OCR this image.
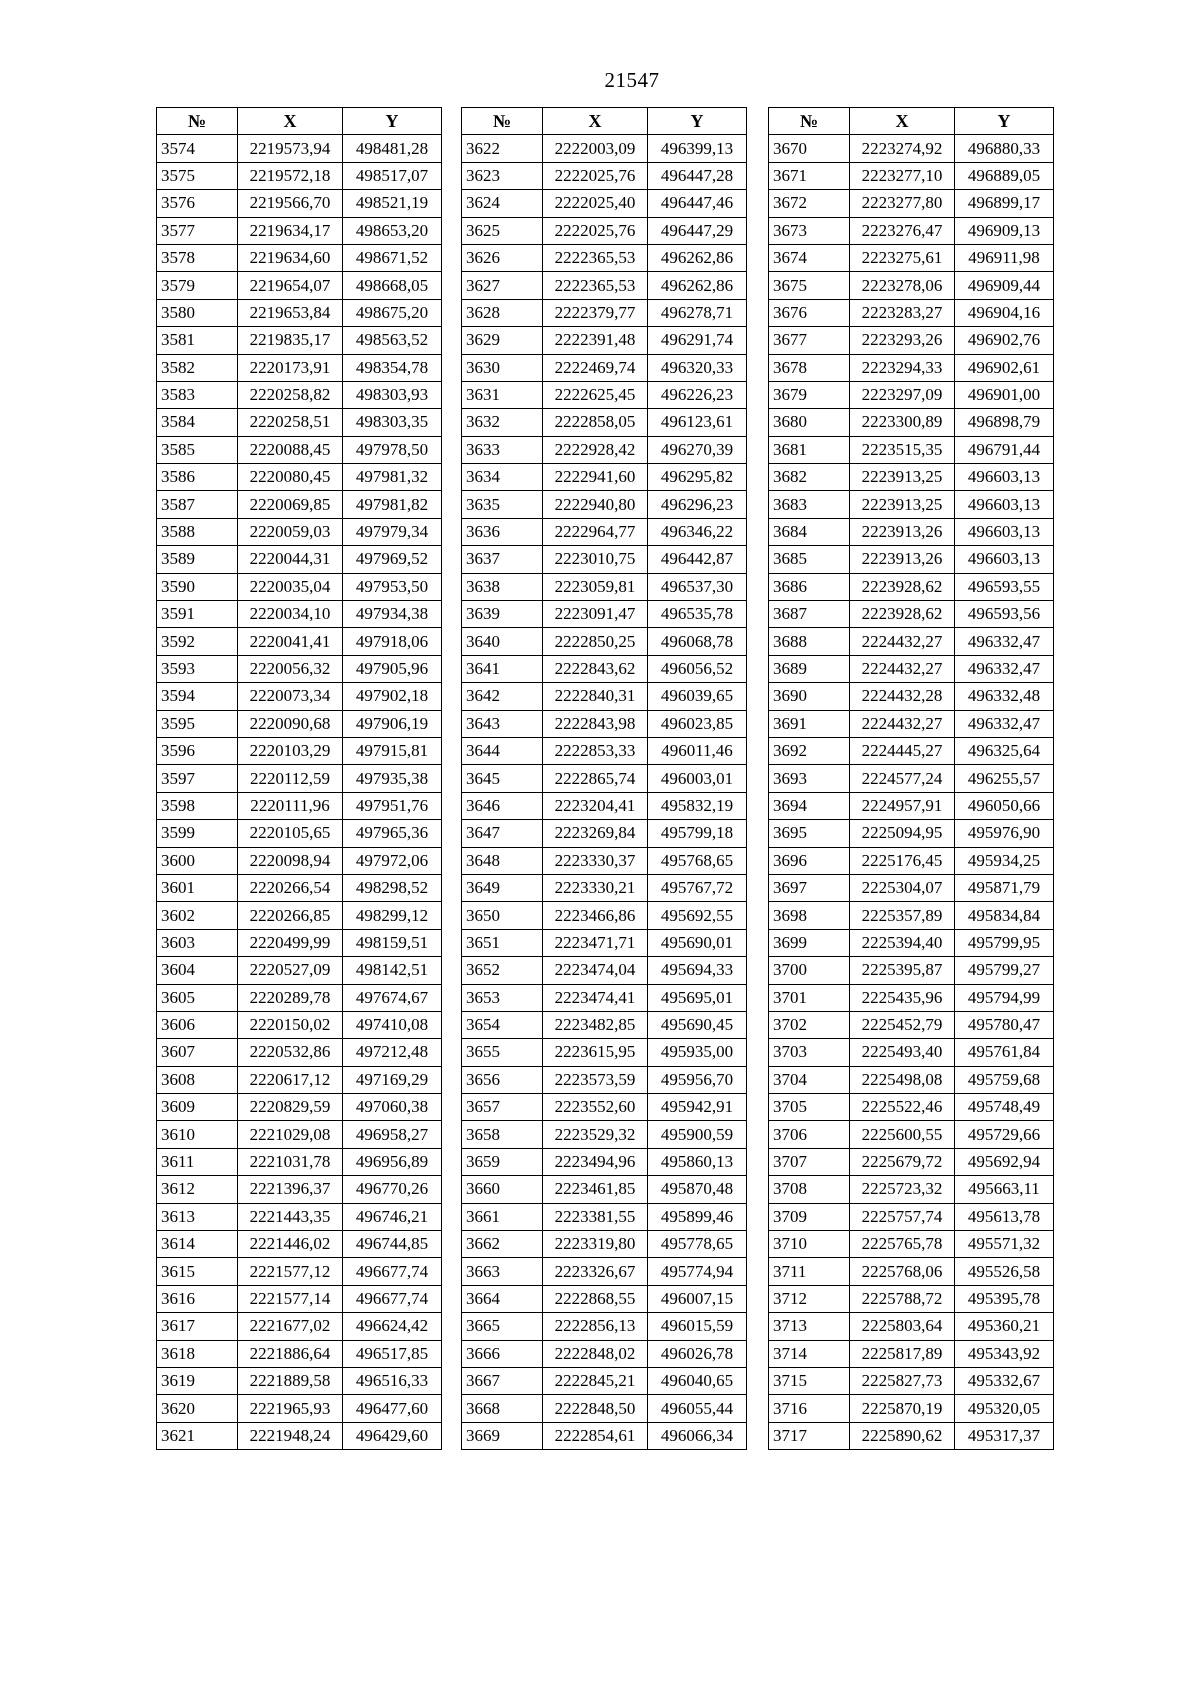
21547
№	X	Y
3574	2219573,94	498481,28
3575	2219572,18	498517,07
3576	2219566,70	498521,19
3577	2219634,17	498653,20
3578	2219634,60	498671,52
3579	2219654,07	498668,05
3580	2219653,84	498675,20
3581	2219835,17	498563,52
3582	2220173,91	498354,78
3583	2220258,82	498303,93
3584	2220258,51	498303,35
3585	2220088,45	497978,50
3586	2220080,45	497981,32
3587	2220069,85	497981,82
3588	2220059,03	497979,34
3589	2220044,31	497969,52
3590	2220035,04	497953,50
3591	2220034,10	497934,38
3592	2220041,41	497918,06
3593	2220056,32	497905,96
3594	2220073,34	497902,18
3595	2220090,68	497906,19
3596	2220103,29	497915,81
3597	2220112,59	497935,38
3598	2220111,96	497951,76
3599	2220105,65	497965,36
3600	2220098,94	497972,06
3601	2220266,54	498298,52
3602	2220266,85	498299,12
3603	2220499,99	498159,51
3604	2220527,09	498142,51
3605	2220289,78	497674,67
3606	2220150,02	497410,08
3607	2220532,86	497212,48
3608	2220617,12	497169,29
3609	2220829,59	497060,38
3610	2221029,08	496958,27
3611	2221031,78	496956,89
3612	2221396,37	496770,26
3613	2221443,35	496746,21
3614	2221446,02	496744,85
3615	2221577,12	496677,74
3616	2221577,14	496677,74
3617	2221677,02	496624,42
3618	2221886,64	496517,85
3619	2221889,58	496516,33
3620	2221965,93	496477,60
3621	2221948,24	496429,60
№	X	Y
3622	2222003,09	496399,13
3623	2222025,76	496447,28
3624	2222025,40	496447,46
3625	2222025,76	496447,29
3626	2222365,53	496262,86
3627	2222365,53	496262,86
3628	2222379,77	496278,71
3629	2222391,48	496291,74
3630	2222469,74	496320,33
3631	2222625,45	496226,23
3632	2222858,05	496123,61
3633	2222928,42	496270,39
3634	2222941,60	496295,82
3635	2222940,80	496296,23
3636	2222964,77	496346,22
3637	2223010,75	496442,87
3638	2223059,81	496537,30
3639	2223091,47	496535,78
3640	2222850,25	496068,78
3641	2222843,62	496056,52
3642	2222840,31	496039,65
3643	2222843,98	496023,85
3644	2222853,33	496011,46
3645	2222865,74	496003,01
3646	2223204,41	495832,19
3647	2223269,84	495799,18
3648	2223330,37	495768,65
3649	2223330,21	495767,72
3650	2223466,86	495692,55
3651	2223471,71	495690,01
3652	2223474,04	495694,33
3653	2223474,41	495695,01
3654	2223482,85	495690,45
3655	2223615,95	495935,00
3656	2223573,59	495956,70
3657	2223552,60	495942,91
3658	2223529,32	495900,59
3659	2223494,96	495860,13
3660	2223461,85	495870,48
3661	2223381,55	495899,46
3662	2223319,80	495778,65
3663	2223326,67	495774,94
3664	2222868,55	496007,15
3665	2222856,13	496015,59
3666	2222848,02	496026,78
3667	2222845,21	496040,65
3668	2222848,50	496055,44
3669	2222854,61	496066,34
№	X	Y
3670	2223274,92	496880,33
3671	2223277,10	496889,05
3672	2223277,80	496899,17
3673	2223276,47	496909,13
3674	2223275,61	496911,98
3675	2223278,06	496909,44
3676	2223283,27	496904,16
3677	2223293,26	496902,76
3678	2223294,33	496902,61
3679	2223297,09	496901,00
3680	2223300,89	496898,79
3681	2223515,35	496791,44
3682	2223913,25	496603,13
3683	2223913,25	496603,13
3684	2223913,26	496603,13
3685	2223913,26	496603,13
3686	2223928,62	496593,55
3687	2223928,62	496593,56
3688	2224432,27	496332,47
3689	2224432,27	496332,47
3690	2224432,28	496332,48
3691	2224432,27	496332,47
3692	2224445,27	496325,64
3693	2224577,24	496255,57
3694	2224957,91	496050,66
3695	2225094,95	495976,90
3696	2225176,45	495934,25
3697	2225304,07	495871,79
3698	2225357,89	495834,84
3699	2225394,40	495799,95
3700	2225395,87	495799,27
3701	2225435,96	495794,99
3702	2225452,79	495780,47
3703	2225493,40	495761,84
3704	2225498,08	495759,68
3705	2225522,46	495748,49
3706	2225600,55	495729,66
3707	2225679,72	495692,94
3708	2225723,32	495663,11
3709	2225757,74	495613,78
3710	2225765,78	495571,32
3711	2225768,06	495526,58
3712	2225788,72	495395,78
3713	2225803,64	495360,21
3714	2225817,89	495343,92
3715	2225827,73	495332,67
3716	2225870,19	495320,05
3717	2225890,62	495317,37
